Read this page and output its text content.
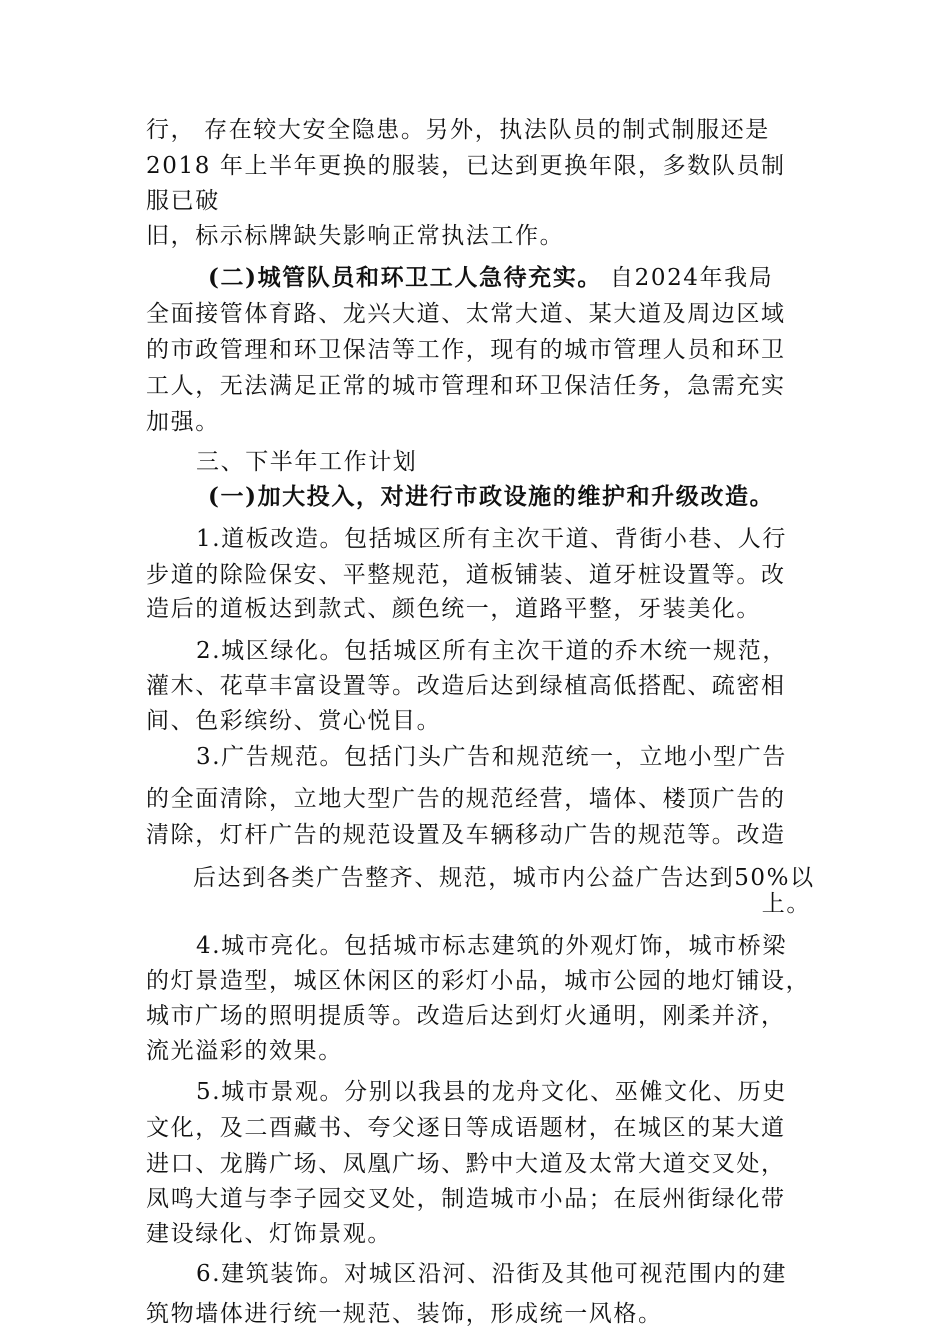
行， 存在较大安全隐患。另外，执法队员的制式制服还是
2018 年上半年更换的服装，已达到更换年限，多数队员制
服已破
旧，标示标牌缺失影响正常执法工作。
(二)城管队员和环卫工人急待充实。 自2024年我局
全面接管体育路、龙兴大道、太常大道、某大道及周边区域
的市政管理和环卫保洁等工作，现有的城市管理人员和环卫
工人，无法满足正常的城市管理和环卫保洁任务，急需充实
加强。
三、下半年工作计划
(一)加大投入，对进行市政设施的维护和升级改造。
1.道板改造。包括城区所有主次干道、背街小巷、人行
步道的除险保安、平整规范，道板铺装、道牙桩设置等。改
造后的道板达到款式、颜色统一，道路平整，牙装美化。
2.城区绿化。包括城区所有主次干道的乔木统一规范，
灌木、花草丰富设置等。改造后达到绿植高低搭配、疏密相
间、色彩缤纷、赏心悦目。
3.广告规范。包括门头广告和规范统一，立地小型广告
的全面清除，立地大型广告的规范经营，墙体、楼顶广告的
清除，灯杆广告的规范设置及车辆移动广告的规范等。改造
后达到各类广告整齐、规范，城市内公益广告达到50%以
上。
4.城市亮化。包括城市标志建筑的外观灯饰，城市桥梁
的灯景造型，城区休闲区的彩灯小品，城市公园的地灯铺设，
城市广场的照明提质等。改造后达到灯火通明，刚柔并济，
流光溢彩的效果。
5.城市景观。分别以我县的龙舟文化、巫傩文化、历史
文化，及二酉藏书、夸父逐日等成语题材，在城区的某大道
进口、龙腾广场、凤凰广场、黔中大道及太常大道交叉处，
凤鸣大道与李子园交叉处，制造城市小品；在辰州街绿化带
建设绿化、灯饰景观。
6.建筑装饰。对城区沿河、沿街及其他可视范围内的建
筑物墙体进行统一规范、装饰，形成统一风格。
